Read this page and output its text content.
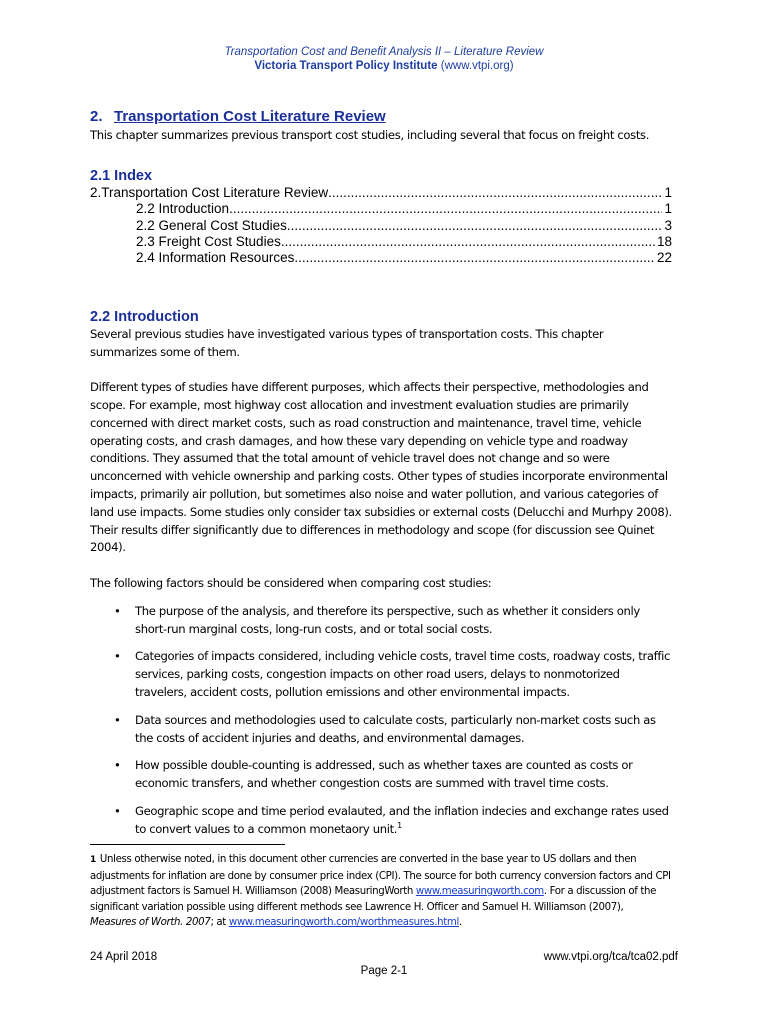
Transportation Cost and Benefit Analysis II – Literature Review
Victoria Transport Policy Institute (www.vtpi.org)
2. Transportation Cost Literature Review

This chapter summarizes previous transport cost studies, including several that focus on freight costs.

2.1 Index
2. Transportation Cost Literature Review .....	1
2.2 Introduction .....	1
2.2 General Cost Studies .....	3
2.3 Freight Cost Studies .....	18
2.4 Information Resources .....	22
2.2 Introduction

Several previous studies have investigated various types of transportation costs. This chapter summarizes some of them.

Different types of studies have different purposes, which affects their perspective, methodologies and scope. For example, most highway cost allocation and investment evaluation studies are primarily concerned with direct market costs, such as road construction and maintenance, travel time, vehicle operating costs, and crash damages, and how these vary depending on vehicle type and roadway conditions. They assumed that the total amount of vehicle travel does not change and so were unconcerned with vehicle ownership and parking costs. Other types of studies incorporate environmental impacts, primarily air pollution, but sometimes also noise and water pollution, and various categories of land use impacts. Some studies only consider tax subsidies or external costs (Delucchi and Murhpy 2008). Their results differ significantly due to differences in methodology and scope (for discussion see Quinet 2004).

The following factors should be considered when comparing cost studies:

• The purpose of the analysis, and therefore its perspective, such as whether it considers only short-run marginal costs, long-run costs, and or total social costs.
• Categories of impacts considered, including vehicle costs, travel time costs, roadway costs, traffic services, parking costs, congestion impacts on other road users, delays to nonmotorized travelers, accident costs, pollution emissions and other environmental impacts.
• Data sources and methodologies used to calculate costs, particularly non-market costs such as the costs of accident injuries and deaths, and environmental damages.
• How possible double-counting is addressed, such as whether taxes are counted as costs or economic transfers, and whether congestion costs are summed with travel time costs.
• Geographic scope and time period evalauted, and the inflation indecies and exchange rates used to convert values to a common monetaory unit.$^1$
1 Unless otherwise noted, in this document other currencies are converted in the base year to US dollars and then adjustments for inflation are done by consumer price index (CPI). The source for both currency conversion factors and CPI adjustment factors is Samuel H. Williamson (2008) MeasuringWorth www.measuringworth.com. For a discussion of the significant variation possible using different methods see Lawrence H. Officer and Samuel H. Williamson (2007), Measures of Worth. 2007; at www.measuringworth.com/worthmeasures.html.
24 April 2018	www.vtpi.org/tca/tca02.pdf
Page 2-1
